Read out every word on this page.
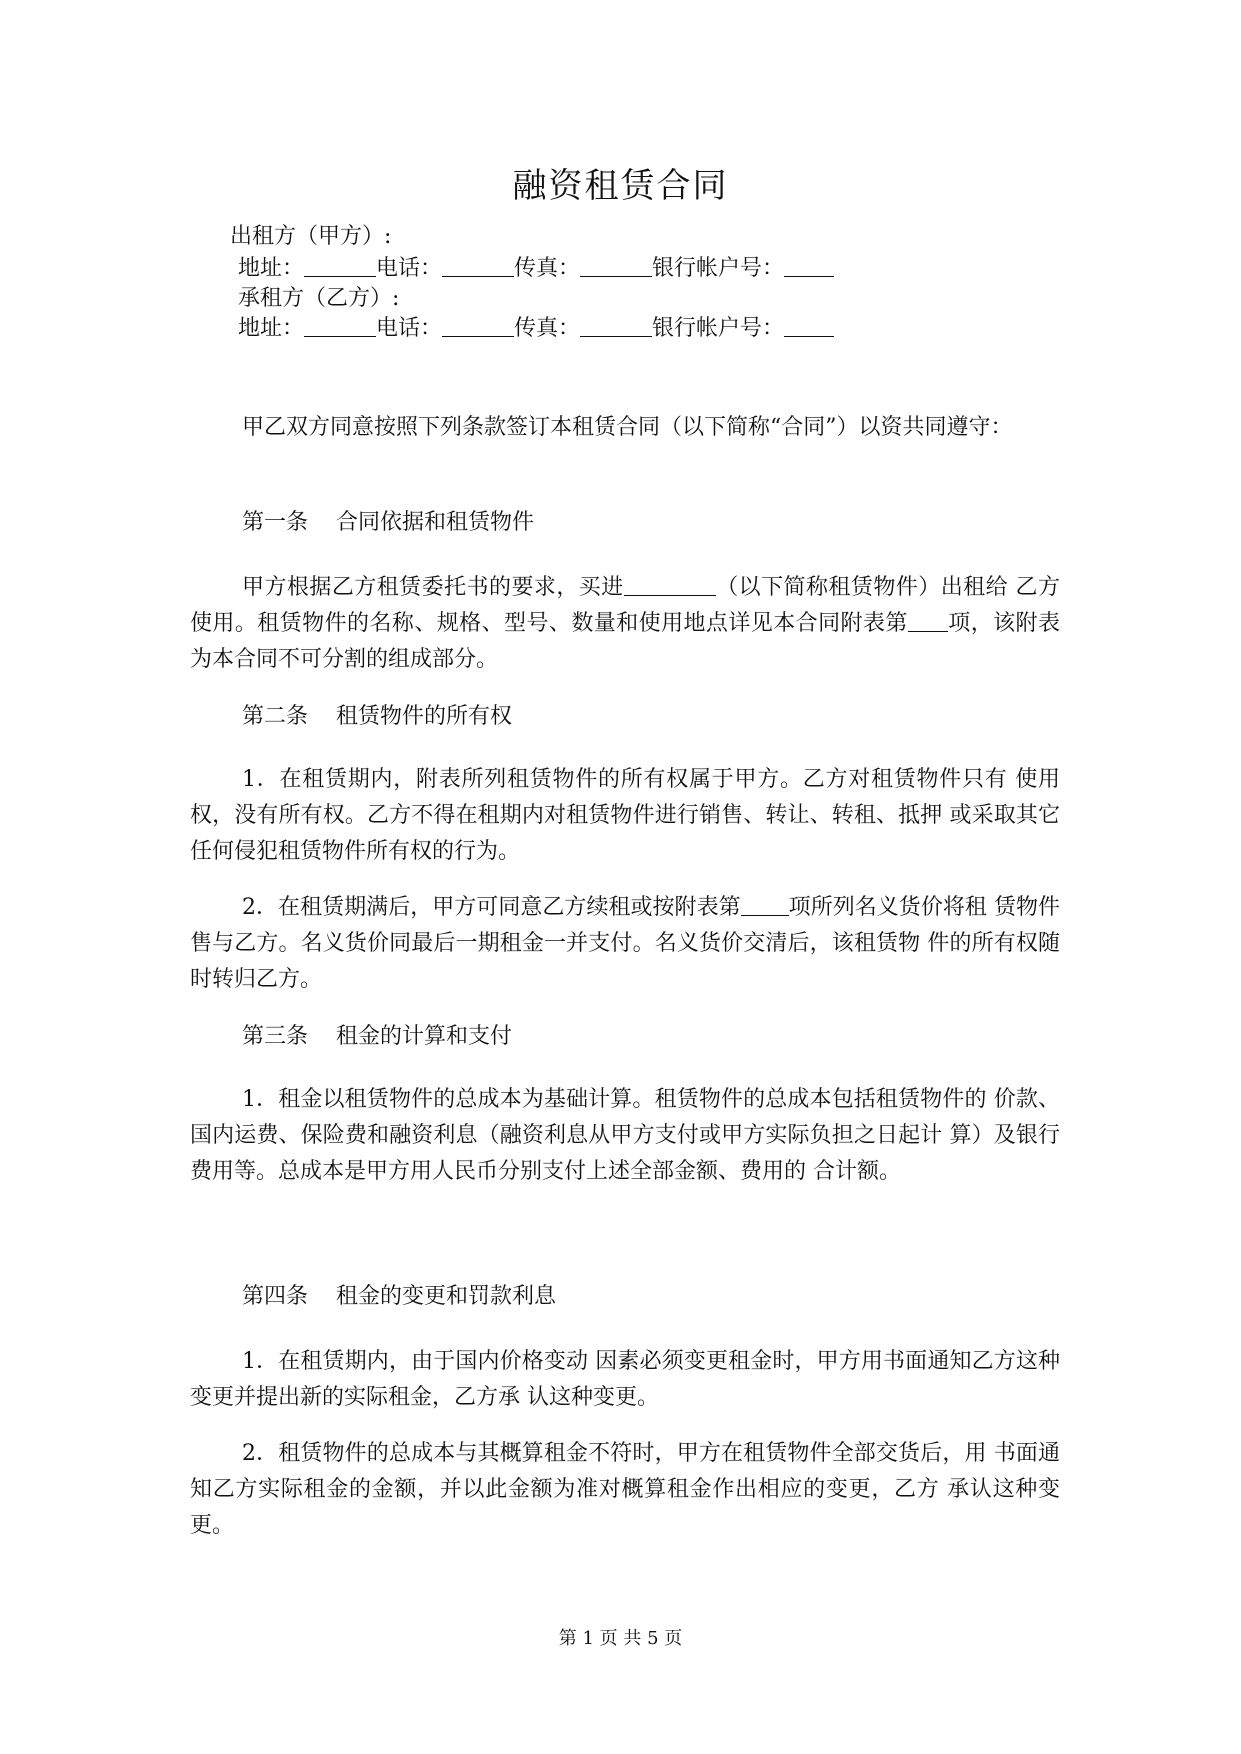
融资租赁合同
出租方（甲方）:
地址：	电话：	传真：	银行帐户号：
承租方（乙方）:
地址：	电话：	传真：	银行帐户号：
甲乙双方同意按照下列条款签订本租赁合同（以下简称“合同”）以资共同遵守：
第一条    合同依据和租赁物件
甲方根据乙方租赁委托书的要求，买进	（以下简称租赁物件）出租给 乙方使用。租赁物件的名称、规格、型号、数量和使用地点详见本合同附表第 项，该附表为本合同不可分割的组成部分。
第二条    租赁物件的所有权
1．在租赁期内，附表所列租赁物件的所有权属于甲方。乙方对租赁物件只有 使用权，没有所有权。乙方不得在租期内对租赁物件进行销售、转让、转租、抵押 或采取其它任何侵犯租赁物件所有权的行为。
2．在租赁期满后，甲方可同意乙方续租或按附表第 项所列名义货价将租 赁物件售与乙方。名义货价同最后一期租金一并支付。名义货价交清后，该租赁物 件的所有权随时转归乙方。
第三条    租金的计算和支付
1．租金以租赁物件的总成本为基础计算。租赁物件的总成本包括租赁物件的 价款、国内运费、保险费和融资利息（融资利息从甲方支付或甲方实际负担之日起计 算）及银行费用等。总成本是甲方用人民币分别支付上述全部金额、费用的 合计额。
第四条    租金的变更和罚款利息
1．在租赁期内，由于国内价格变动 因素必须变更租金时，甲方用书面通知乙方这种变更并提出新的实际租金，乙方承 认这种变更。
2．租赁物件的总成本与其概算租金不符时，甲方在租赁物件全部交货后，用 书面通知乙方实际租金的金额，并以此金额为准对概算租金作出相应的变更，乙方 承认这种变更。
第 1 页 共 5 页
